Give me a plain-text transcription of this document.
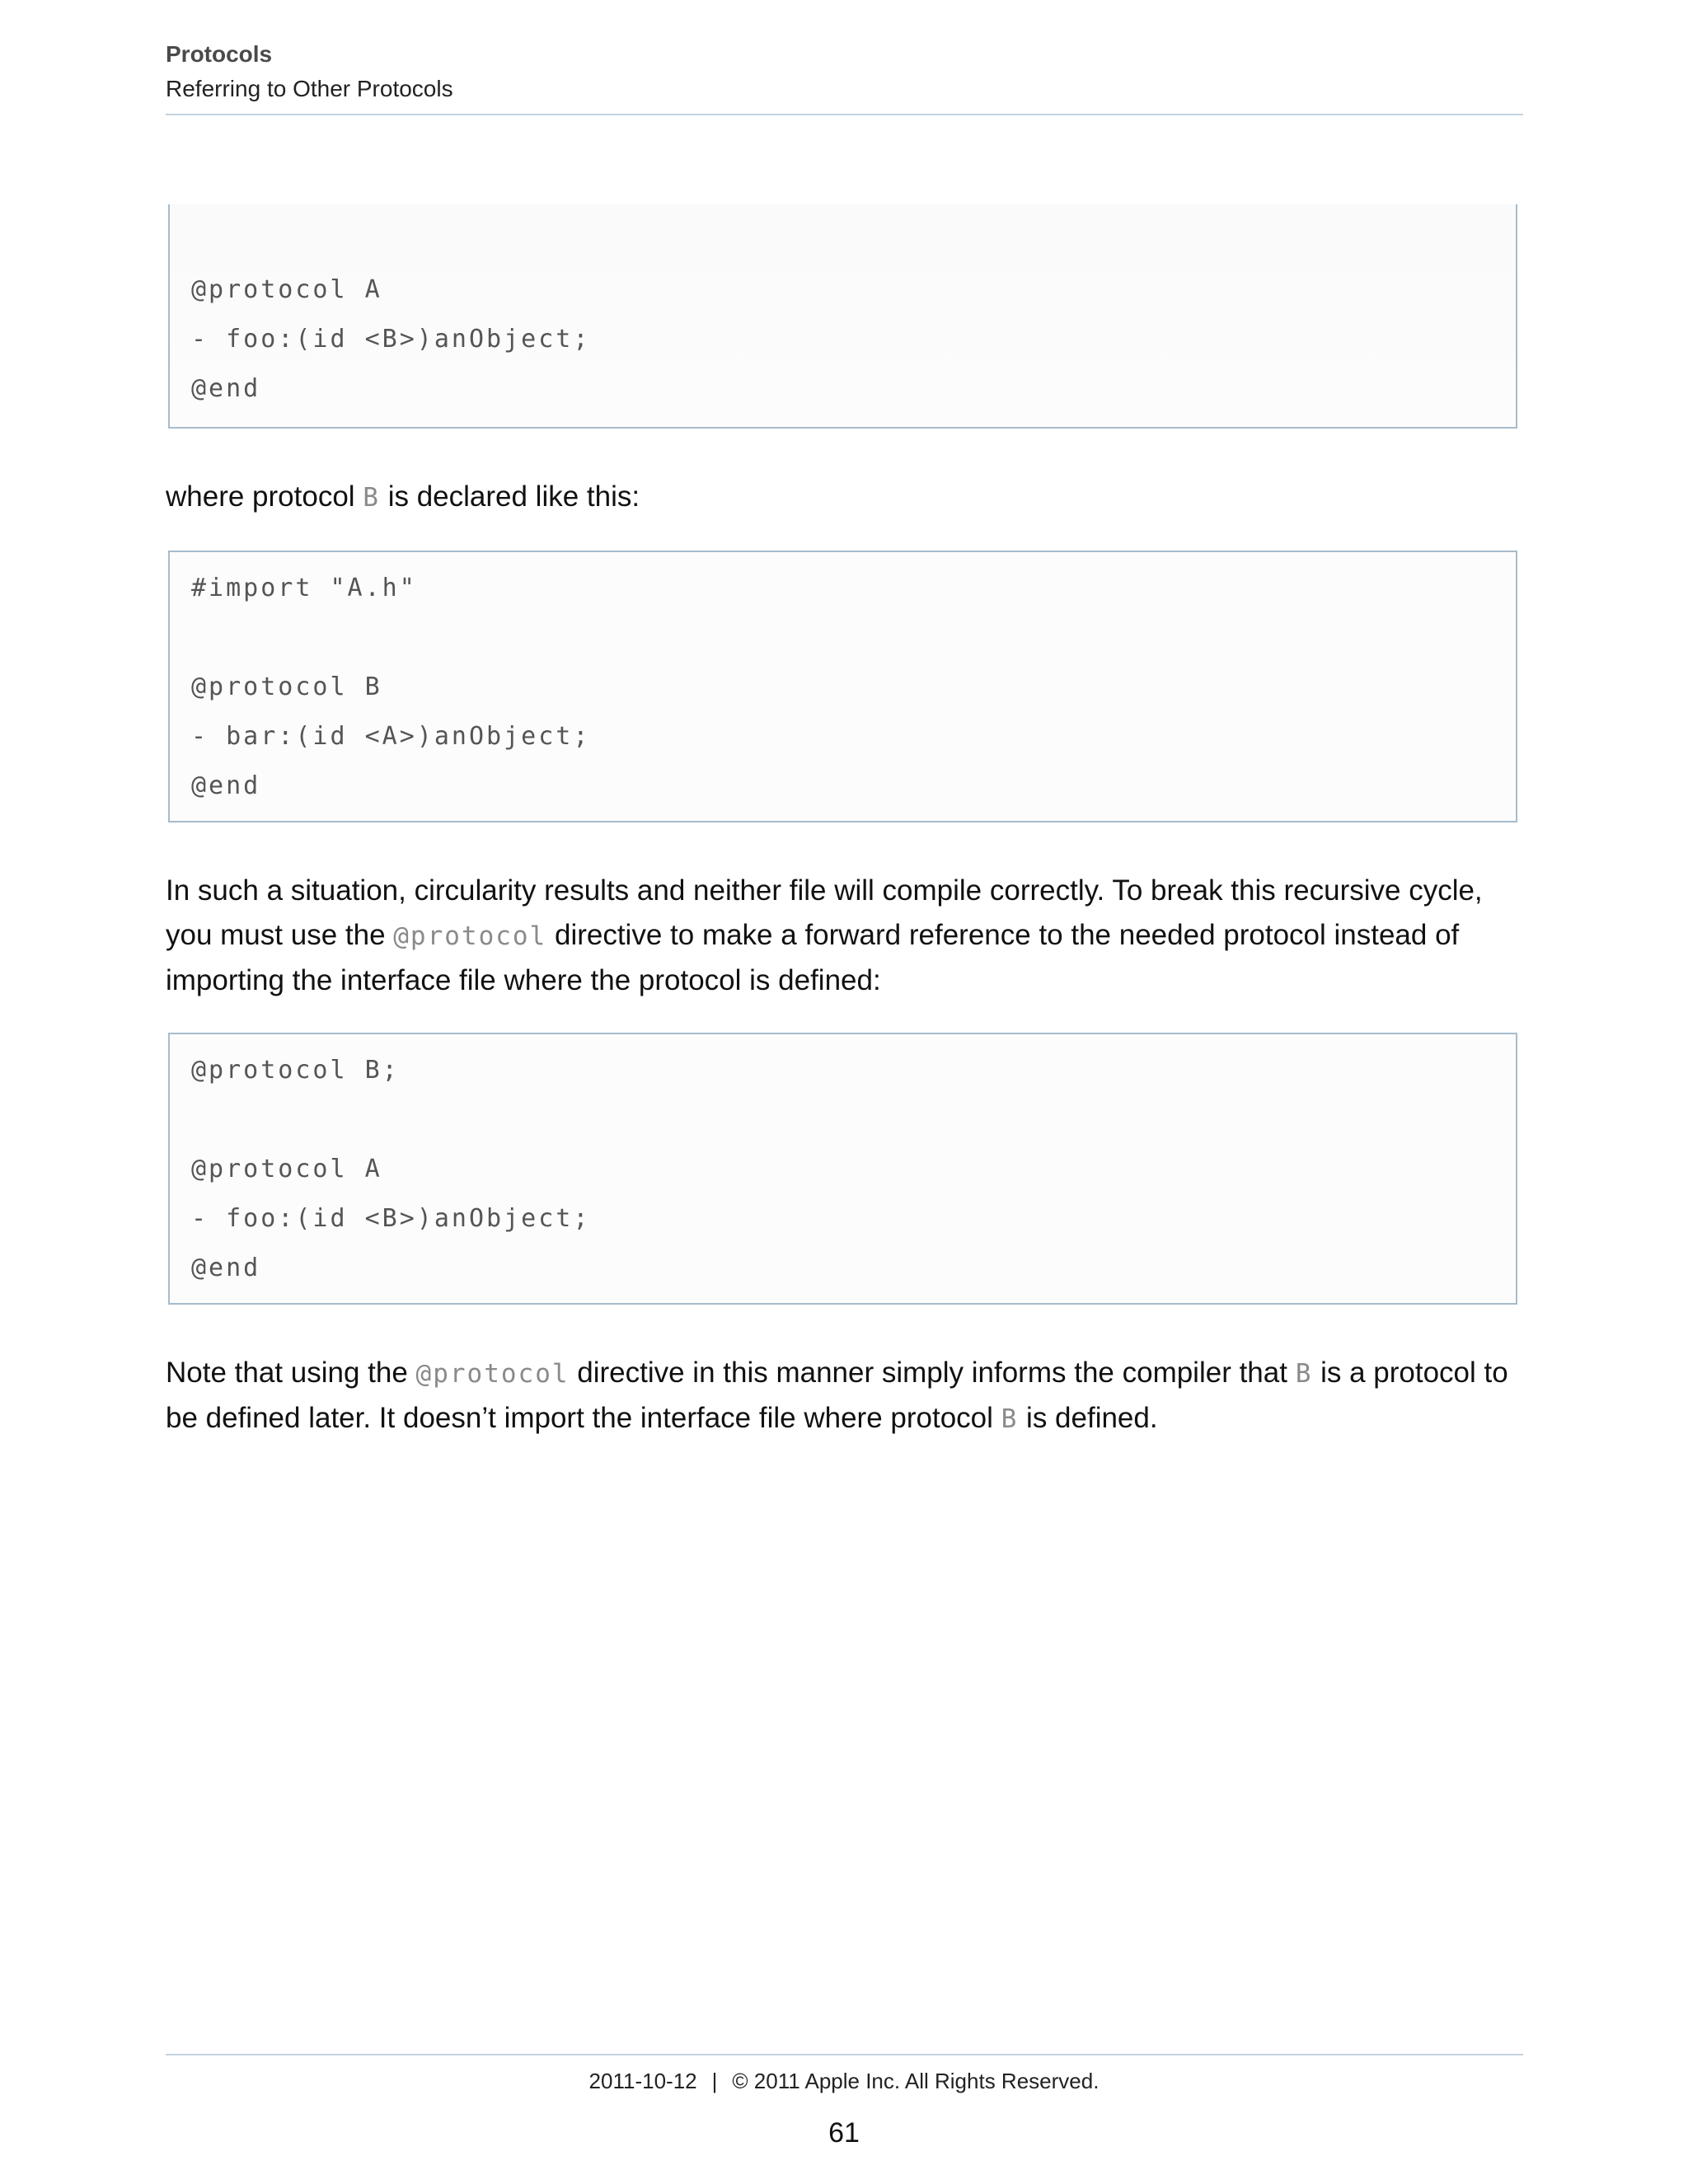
Protocols
Referring to Other Protocols
@protocol A
- foo:(id <B>)anObject;
@end
where protocol B is declared like this:
#import "A.h"
@protocol B
- bar:(id <A>)anObject;
@end
In such a situation, circularity results and neither file will compile correctly. To break this recursive cycle, you must use the @protocol directive to make a forward reference to the needed protocol instead of importing the interface file where the protocol is defined:
@protocol B;
@protocol A
- foo:(id <B>)anObject;
@end
Note that using the @protocol directive in this manner simply informs the compiler that B is a protocol to be defined later. It doesn’t import the interface file where protocol B is defined.
2011-10-12 | © 2011 Apple Inc. All Rights Reserved.
61
